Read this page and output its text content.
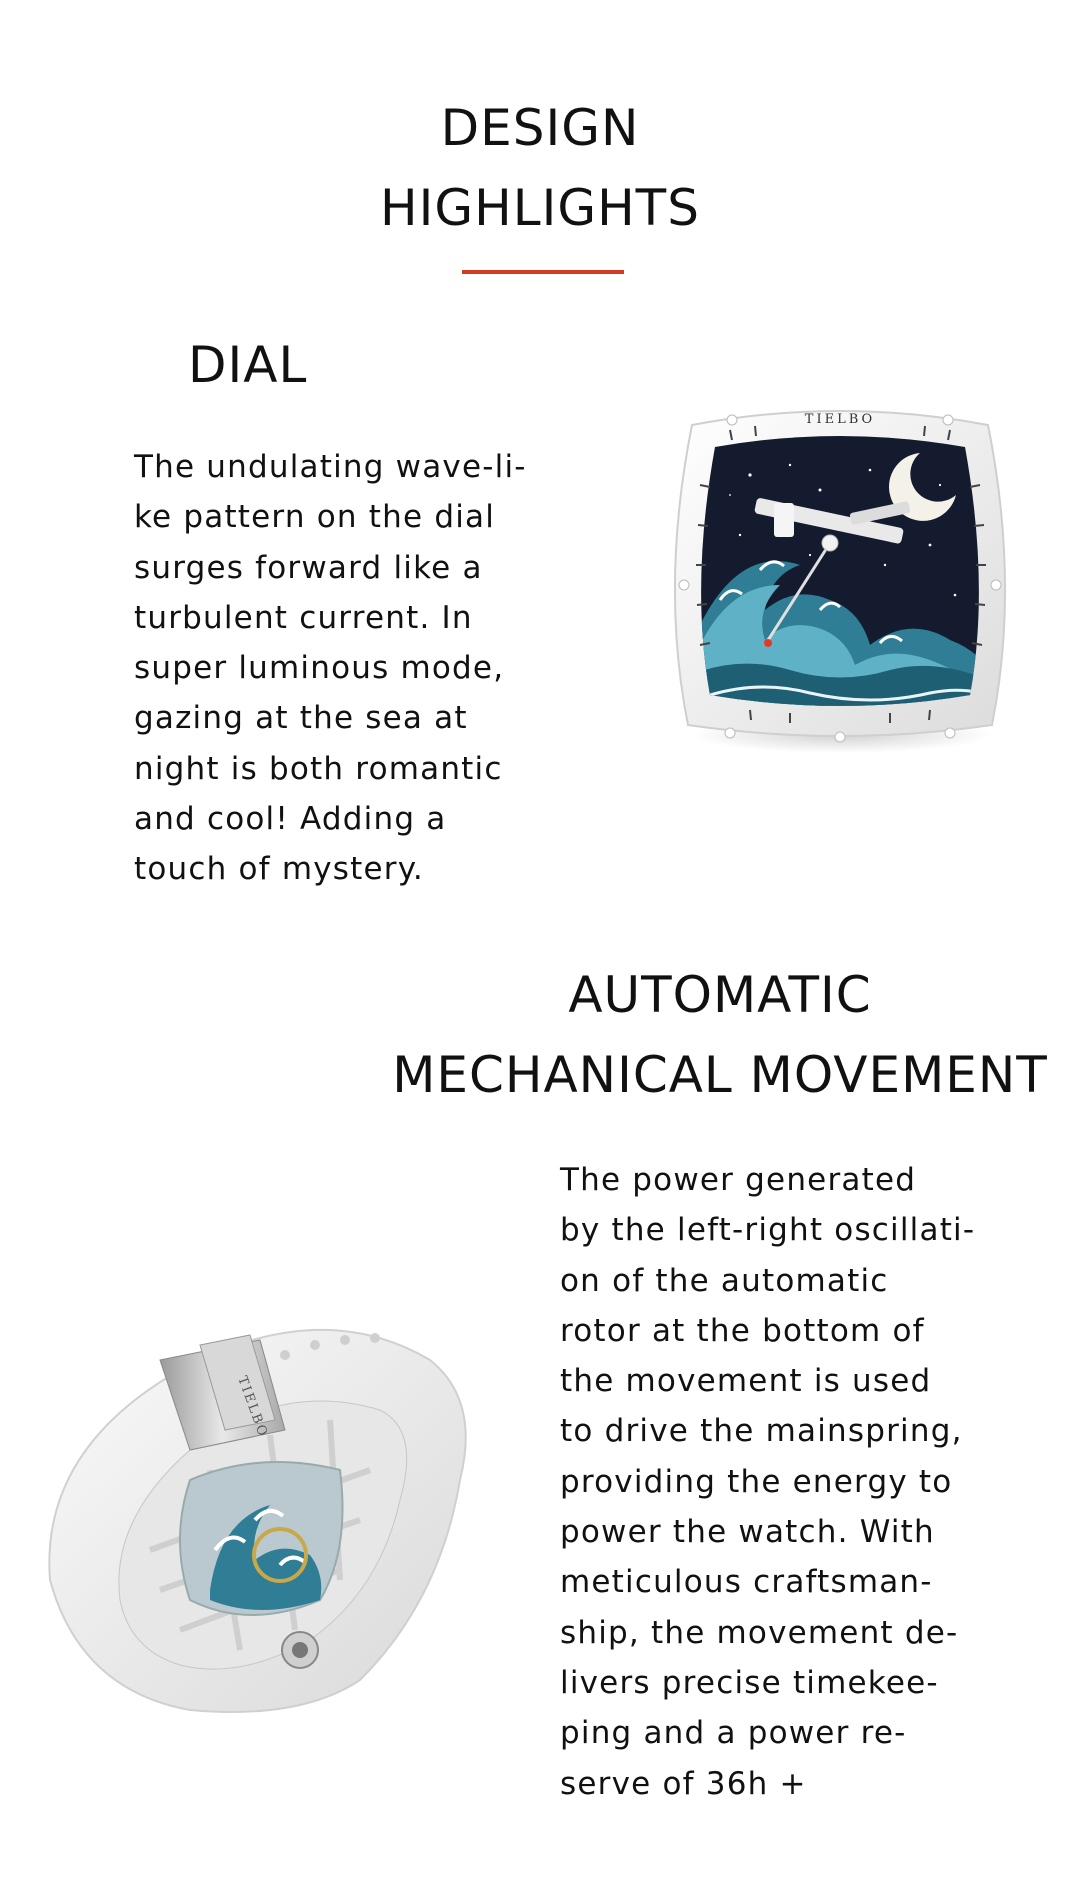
DESIGN
HIGHLIGHTS
DIAL
The undulating wave-li-
ke pattern on the dial
surges forward like a
turbulent current. In
super luminous mode,
gazing at the sea at
night is both romantic
and cool! Adding a
touch of mystery.
TIELBO
AUTOMATIC
MECHANICAL MOVEMENT
The power generated
by the left-right oscillati-
on of the automatic
rotor at the bottom of
the movement is used
to drive the mainspring,
providing the energy to
power the watch. With
meticulous craftsman-
ship, the movement de-
livers precise timekee-
ping and a power re-
serve of 36h +
TIELBO
